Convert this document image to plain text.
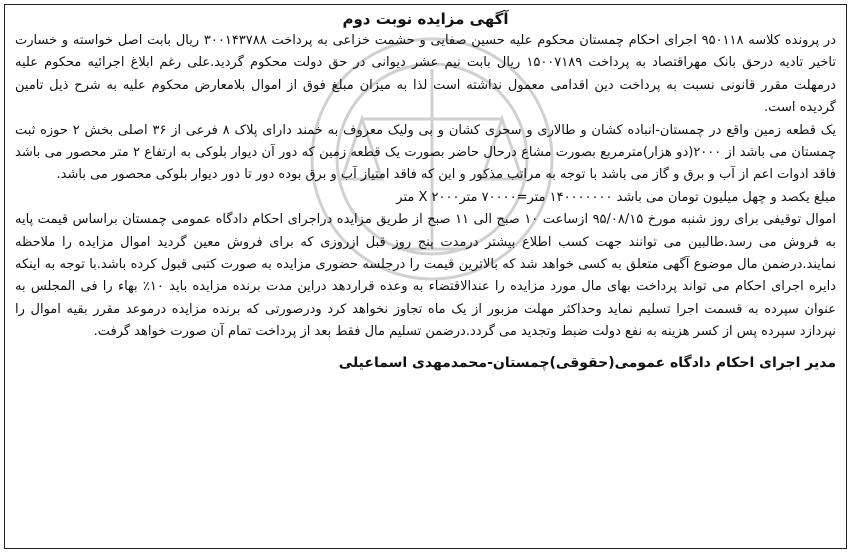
آگهی مزایده نوبت دوم

در پرونده کلاسه ۹۵۰۱۱۸ اجرای احکام چمستان محکوم علیه حسین صفایی و حشمت خزاعی به پرداخت ۳۰۰۱۴۳۷۸۸ ریال بابت اصل خواسته و خسارت تاخیر تادیه درحق بانک مهراقتصاد به پرداخت ۱۵۰۰۷۱۸۹ ریال بابت نیم عشر دیوانی در حق دولت محکوم گردید.علی رغم ابلاغ اجرائیه محکوم علیه درمهلت مقرر قانونی نسبت به پرداخت دین اقدامی معمول نداشته است لذا به میزان مبلغ فوق از اموال بلامعارض محکوم علیه به شرح ذیل تامین گردیده است.

یک قطعه زمین واقع در چمستان-انباده کشان و طالاری و سحری کشان و بی ولیک معروف به خمند دارای پلاک ۸ فرعی از ۳۶ اصلی بخش ۲ حوزه ثبت چمستان می باشد از ۲۰۰۰(دو هزار)مترمربع بصورت مشاع درحال حاضر بصورت یک قطعه زمین که دور آن دیوار بلوکی به ارتفاع ۲ متر محصور می باشد فاقد ادوات اعم از آب و برق و گاز می باشد با توجه به مراتب مذکور و این که فاقد امتیاز آب و برق بوده دور تا دور دیوار بلوکی محصور می باشد.

مبلغ یکصد و چهل میلیون تومان می باشد ۱۴۰۰۰۰۰۰۰ متر=۷۰۰۰۰ مترX ۲۰۰۰ متر

اموال توقیفی برای روز شنبه مورخ ۹۵/۰۸/۱۵ ازساعت ۱۰ صبح الی ۱۱ صبح از طریق مزایده دراجرای احکام دادگاه عمومی چمستان براساس قیمت پایه به فروش می رسد.طالبین می توانند جهت کسب اطلاع بیشتر درمدت پنج روز قبل ازروزی که برای فروش معین گردید اموال مزایده را ملاحظه نمایند.درضمن مال موضوع آگهی متعلق به کسی خواهد شد که بالاترین قیمت را درجلسه حضوری مزایده به صورت کتبی قبول کرده باشد.با توجه به اینکه دایره اجرای احکام می تواند پرداخت بهای مال مورد مزایده را عندالاقتضاء به وعده قراردهد دراین مدت برنده مزایده باید ۱۰٪ بهاء را فی المجلس به عنوان سپرده به قسمت اجرا تسلیم نماید وحداکثر مهلت مزبور از یک ماه تجاوز نخواهد کرد ودرصورتی که برنده مزایده درموعد مقرر بقیه اموال را نپردازد سپرده پس از کسر هزینه به نفع دولت ضبط وتجدید می گردد.درضمن تسلیم مال فقط بعد از پرداخت تمام آن صورت خواهد گرفت.

مدیر اجرای احکام دادگاه عمومی(حقوقی)چمستان-محمدمهدی اسماعیلی
